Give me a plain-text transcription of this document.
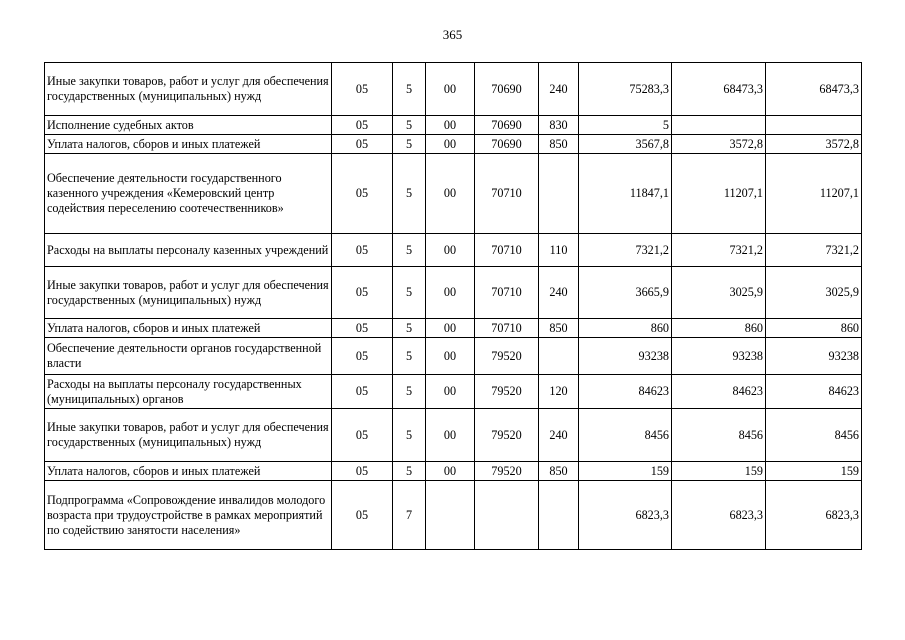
365
Иные закупки товаров, работ и услуг для обеспечения государственных (муниципальных) нужд	05	5	00	70690	240	75283,3	68473,3	68473,3
Исполнение судебных актов	05	5	00	70690	830	5		
Уплата налогов, сборов и иных платежей	05	5	00	70690	850	3567,8	3572,8	3572,8
Обеспечение деятельности государственного казенного учреждения «Кемеровский центр содействия переселению соотечественников»	05	5	00	70710		11847,1	11207,1	11207,1
Расходы на выплаты персоналу казенных учреждений	05	5	00	70710	110	7321,2	7321,2	7321,2
Иные закупки товаров, работ и услуг для обеспечения государственных (муниципальных) нужд	05	5	00	70710	240	3665,9	3025,9	3025,9
Уплата налогов, сборов и иных платежей	05	5	00	70710	850	860	860	860
Обеспечение деятельности органов государственной власти	05	5	00	79520		93238	93238	93238
Расходы на выплаты персоналу государственных (муниципальных) органов	05	5	00	79520	120	84623	84623	84623
Иные закупки товаров, работ и услуг для обеспечения государственных (муниципальных) нужд	05	5	00	79520	240	8456	8456	8456
Уплата налогов, сборов и иных платежей	05	5	00	79520	850	159	159	159
Подпрограмма «Сопровождение инвалидов молодого возраста при трудоустройстве в рамках мероприятий по содействию занятости населения»	05	7				6823,3	6823,3	6823,3
